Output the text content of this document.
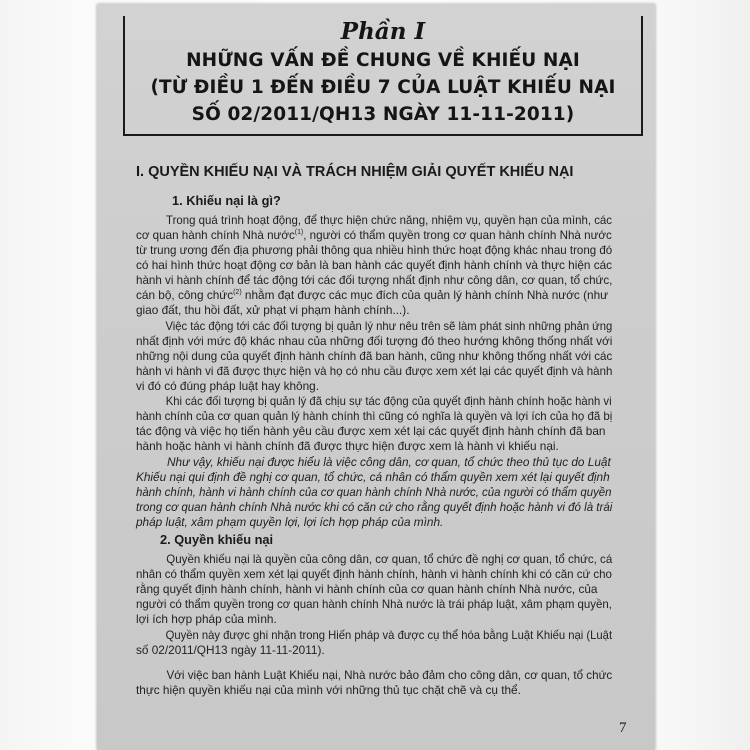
Phần I
NHỮNG VẤN ĐỀ CHUNG VỀ KHIẾU NẠI
(TỪ ĐIỀU 1 ĐẾN ĐIỀU 7 CỦA LUẬT KHIẾU NẠI
SỐ 02/2011/QH13 NGÀY 11-11-2011)
I. QUYỀN KHIẾU NẠI VÀ TRÁCH NHIỆM GIẢI QUYẾT KHIẾU NẠI
1. Khiếu nại là gì?
Trong quá trình hoạt động, để thực hiện chức năng, nhiệm vụ, quyền hạn của mình, các
cơ quan hành chính Nhà nước$^{(1)}$, người có thẩm quyền trong cơ quan hành chính Nhà nước
từ trung ương đến địa phương phải thông qua nhiều hình thức hoạt động khác nhau trong đó
có hai hình thức hoạt động cơ bản là ban hành các quyết định hành chính và thực hiện các
hành vi hành chính để tác động tới các đối tượng nhất định như công dân, cơ quan, tổ chức,
cán bộ, công chức$^{(2)}$ nhằm đạt được các mục đích của quản lý hành chính Nhà nước (như
giao đất, thu hồi đất, xử phạt vi phạm hành chính...).
Việc tác động tới các đối tượng bị quản lý như nêu trên sẽ làm phát sinh những phản ứng
nhất định với mức độ khác nhau của những đối tượng đó theo hướng không thống nhất với
những nội dung của quyết định hành chính đã ban hành, cũng như không thống nhất với các
hành vi hành vi đã được thực hiện và họ có nhu cầu được xem xét lại các quyết định và hành
vi đó có đúng pháp luật hay không.
Khi các đối tượng bị quản lý đã chịu sự tác động của quyết định hành chính hoặc hành vi
hành chính của cơ quan quản lý hành chính thì cũng có nghĩa là quyền và lợi ích của họ đã bị
tác động và việc họ tiến hành yêu cầu được xem xét lại các quyết định hành chính đã ban
hành hoặc hành vi hành chính đã được thực hiện được xem là hành vi khiếu nại.
Như vậy, khiếu nại được hiểu là việc công dân, cơ quan, tổ chức theo thủ tục do Luật
Khiếu nại qui định đề nghị cơ quan, tổ chức, cá nhân có thẩm quyền xem xét lại quyết định
hành chính, hành vi hành chính của cơ quan hành chính Nhà nước, của người có thẩm quyền
trong cơ quan hành chính Nhà nước khi có căn cứ cho rằng quyết định hoặc hành vi đó là trái
pháp luật, xâm phạm quyền lợi, lợi ích hợp pháp của mình.
2. Quyền khiếu nại
Quyền khiếu nại là quyền của công dân, cơ quan, tổ chức đề nghị cơ quan, tổ chức, cá
nhân có thẩm quyền xem xét lại quyết định hành chính, hành vi hành chính khi có căn cứ cho
rằng quyết định hành chính, hành vi hành chính của cơ quan hành chính Nhà nước, của
người có thẩm quyền trong cơ quan hành chính Nhà nước là trái pháp luật, xâm phạm quyền,
lợi ích hợp pháp của mình.
Quyền này được ghi nhận trong Hiến pháp và được cụ thể hóa bằng Luật Khiếu nại (Luật
số 02/2011/QH13 ngày 11-11-2011).
Với việc ban hành Luật Khiếu nại, Nhà nước bảo đảm cho công dân, cơ quan, tổ chức
thực hiện quyền khiếu nại của mình với những thủ tục chặt chẽ và cụ thể.
7
